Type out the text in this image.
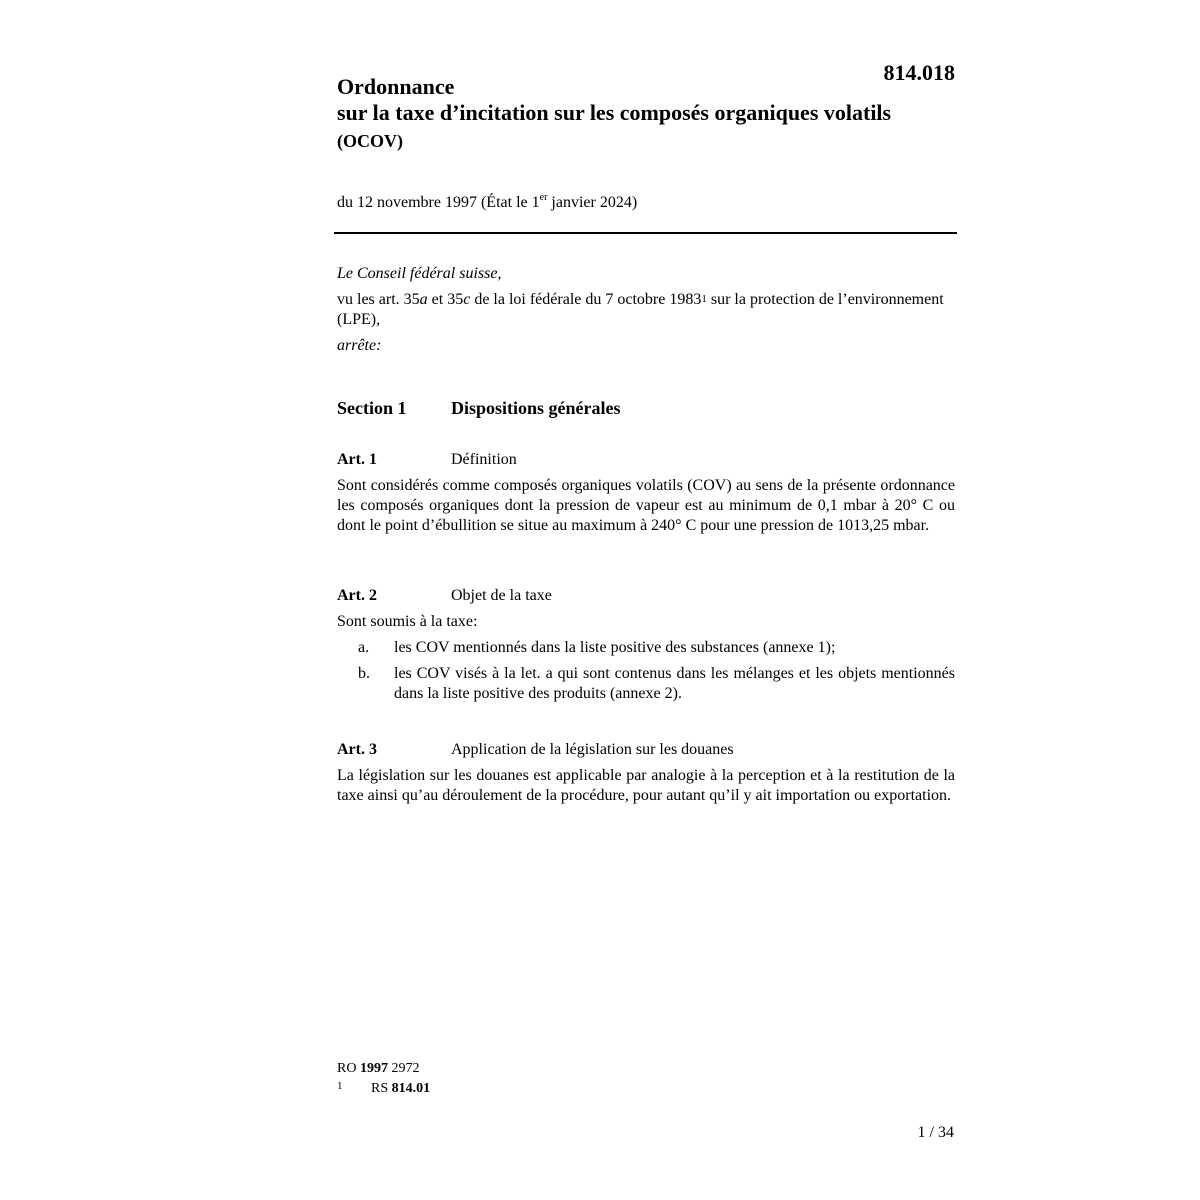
814.018
Ordonnance
sur la taxe d’incitation sur les composés organiques volatils
(OCOV)
du 12 novembre 1997 (État le 1er janvier 2024)
Le Conseil fédéral suisse,
vu les art. 35a et 35c de la loi fédérale du 7 octobre 1983$^1$ sur la protection de l’environnement (LPE),
arrête:
Section 1	Dispositions générales
Art. 1	Définition
Sont considérés comme composés organiques volatils (COV) au sens de la présente ordonnance les composés organiques dont la pression de vapeur est au minimum de 0,1 mbar à 20° C ou dont le point d’ébullition se situe au maximum à 240° C pour une pression de 1013,25 mbar.
Art. 2	Objet de la taxe
Sont soumis à la taxe:
a.	les COV mentionnés dans la liste positive des substances (annexe 1);
b.	les COV visés à la let. a qui sont contenus dans les mélanges et les objets mentionnés dans la liste positive des produits (annexe 2).
Art. 3	Application de la législation sur les douanes
La législation sur les douanes est applicable par analogie à la perception et à la restitution de la taxe ainsi qu’au déroulement de la procédure, pour autant qu’il y ait importation ou exportation.
RO 1997 2972
1	RS 814.01
1 / 34
